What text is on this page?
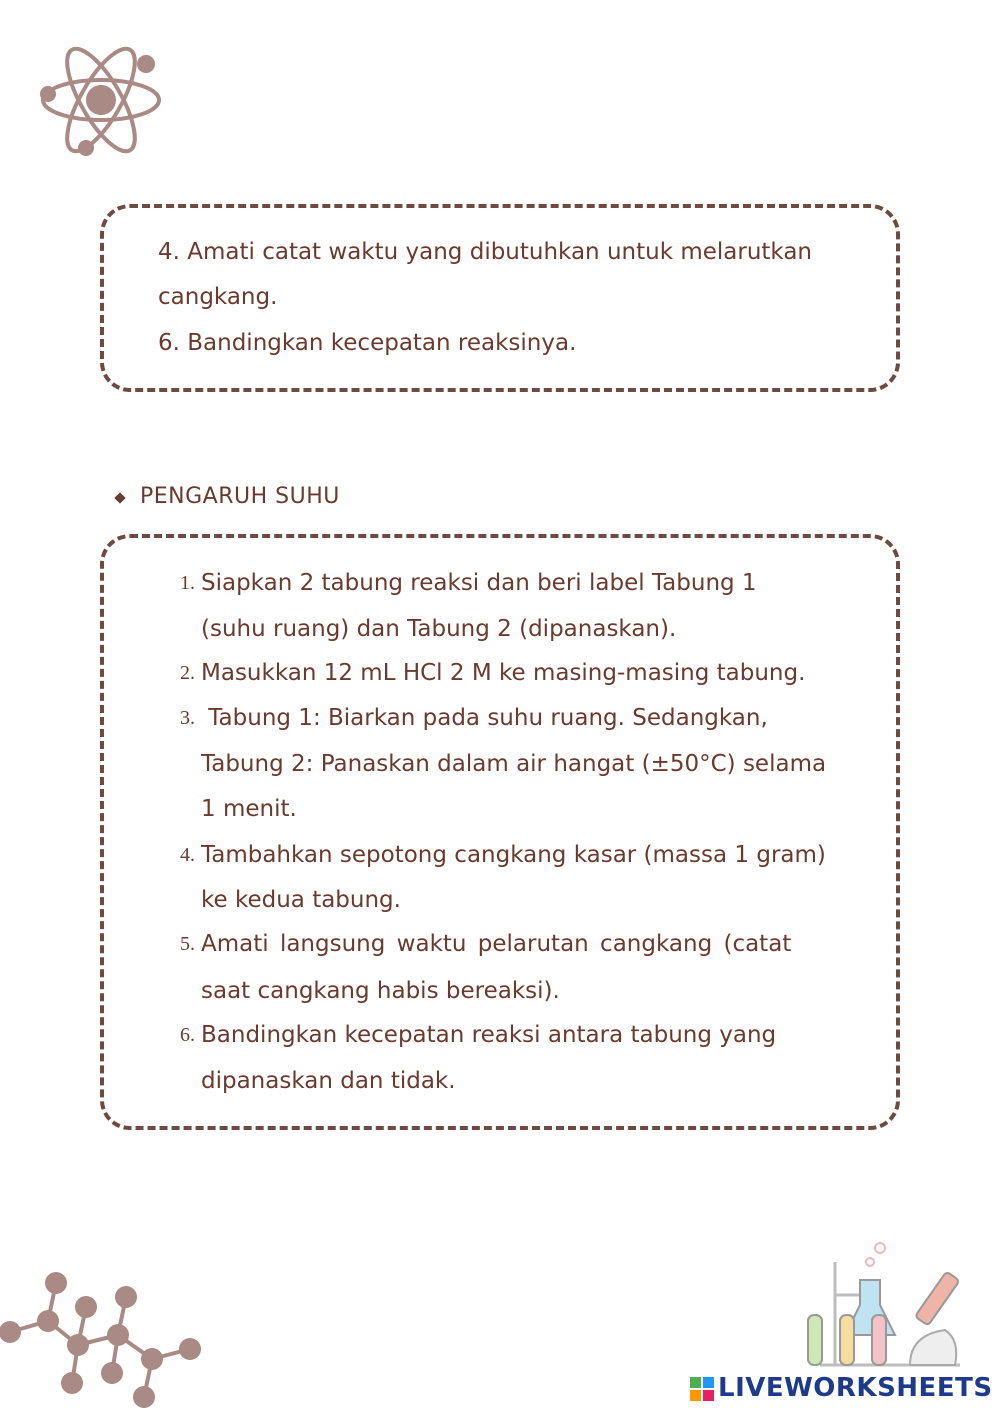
4. Amati catat waktu yang dibutuhkan untuk melarutkan
cangkang.
6. Bandingkan kecepatan reaksinya.
PENGARUH SUHU
1. Siapkan 2 tabung reaksi dan beri label Tabung 1
(suhu ruang) dan Tabung 2 (dipanaskan).
2. Masukkan 12 mL HCl 2 M ke masing-masing tabung.
3. Tabung 1: Biarkan pada suhu ruang. Sedangkan,
Tabung 2: Panaskan dalam air hangat (±50°C) selama
1 menit.
4. Tambahkan sepotong cangkang kasar (massa 1 gram)
ke kedua tabung.
5. Amati langsung waktu pelarutan cangkang (catat
saat cangkang habis bereaksi).
6. Bandingkan kecepatan reaksi antara tabung yang
dipanaskan dan tidak.
LIVEWORKSHEETS
